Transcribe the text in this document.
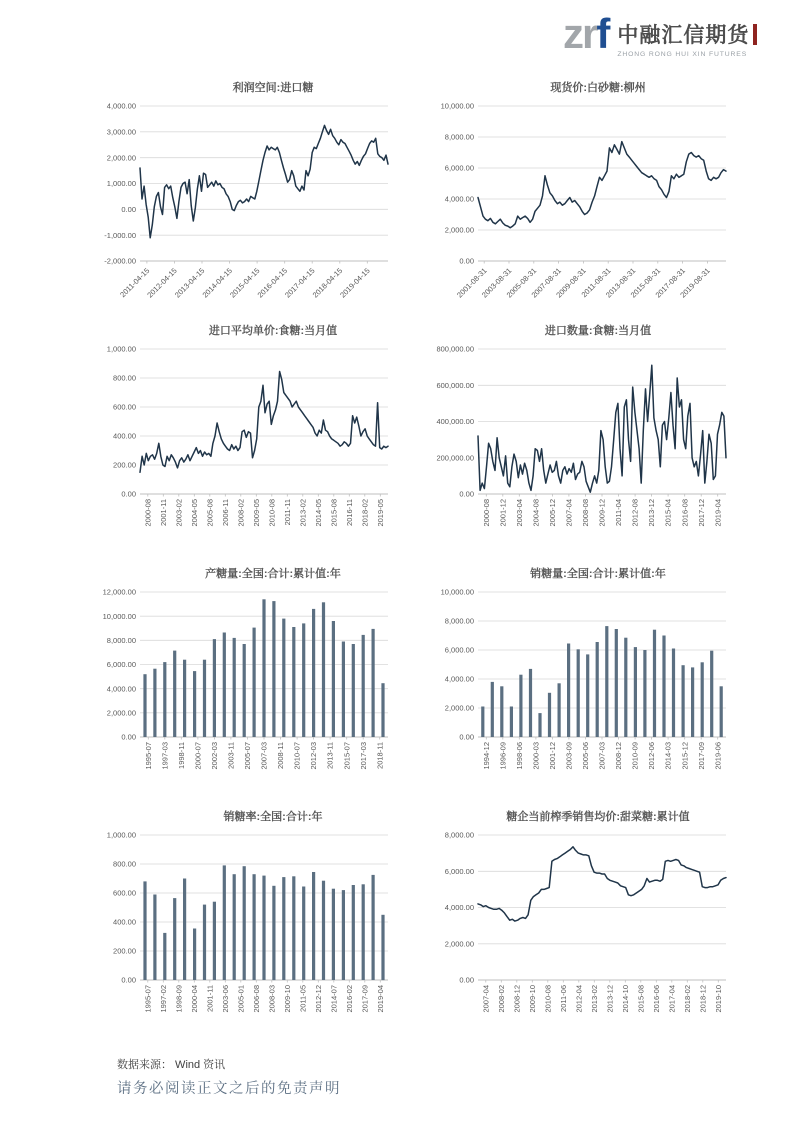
zrf 中融汇信期货
ZHONG RONG HUI XIN FUTURES
利润空间:进口糖
-2,000.00
-1,000.00
0.00
1,000.00
2,000.00
3,000.00
4,000.00
2011-04-15
2012-04-15
2013-04-15
2014-04-15
2015-04-15
2016-04-15
2017-04-15
2018-04-15
2019-04-15
现货价:白砂糖:柳州
0.00
2,000.00
4,000.00
6,000.00
8,000.00
10,000.00
2001-08-31
2003-08-31
2005-08-31
2007-08-31
2009-08-31
2011-08-31
2013-08-31
2015-08-31
2017-08-31
2019-08-31
进口平均单价:食糖:当月值
0.00
200.00
400.00
600.00
800.00
1,000.00
2000-08 2001-11 2003-02 2004-05 2005-08 2006-11 2008-02 2009-05 2010-08 2011-11 2013-02 2014-05 2015-08 2016-11 2018-02 2019-05
进口数量:食糖:当月值
0.00
200,000.00
400,000.00
600,000.00
800,000.00
2000-08 2001-12 2003-04 2004-08 2005-12 2007-04 2008-08 2009-12 2011-04 2012-08 2013-12 2015-04 2016-08 2017-12 2019-04
产糖量:全国:合计:累计值:年
0.00
2,000.00
4,000.00
6,000.00
8,000.00
10,000.00
12,000.00
1995-07 1997-03 1998-11 2000-07 2002-03 2003-11 2005-07 2007-03 2008-11 2010-07 2012-03 2013-11 2015-07 2017-03 2018-11
销糖量:全国:合计:累计值:年
0.00
2,000.00
4,000.00
6,000.00
8,000.00
10,000.00
1994-12 1996-09 1998-06 2000-03 2001-12 2003-09 2005-06 2007-03 2008-12 2010-09 2012-06 2014-03 2015-12 2017-09 2019-06
销糖率:全国:合计:年
0.00
200.00
400.00
600.00
800.00
1,000.00
1995-07 1997-02 1998-09 2000-04 2001-11 2003-06 2005-01 2006-08 2008-03 2009-10 2011-05 2012-12 2014-07 2016-02 2017-09 2019-04
糖企当前榨季销售均价:甜菜糖:累计值
0.00
2,000.00
4,000.00
6,000.00
8,000.00
2007-04 2008-02 2008-12 2009-10 2010-08 2011-06 2012-04 2013-02 2013-12 2014-10 2015-08 2016-06 2017-04 2018-02 2018-12 2019-10
数据来源： Wind 资讯
请务必阅读正文之后的免责声明
